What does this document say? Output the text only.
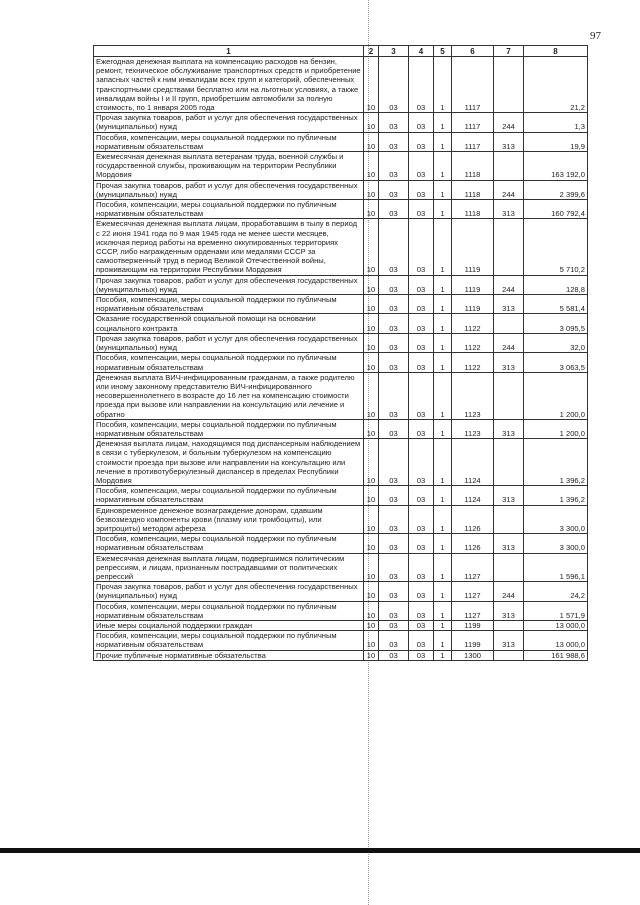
97
1	2	3	4	5	6	7	8
Ежегодная денежная выплата на компенсацию расходов на бензин, ремонт, техническое обслуживание транспортных средств и приобретение запасных частей к ним инвалидам всех групп и категорий, обеспеченных транспортными средствами бесплатно или на льготных условиях, а также инвалидам войны I и II групп, приобретшим автомобили за полную стоимость, по 1 января 2005 года	10	03	03	1	1117		21,2
Прочая закупка товаров, работ и услуг для обеспечения государственных (муниципальных) нужд	10	03	03	1	1117	244	1,3
Пособия, компенсации, меры социальной поддержки по публичным нормативным обязательствам	10	03	03	1	1117	313	19,9
Ежемесячная денежная выплата ветеранам труда, военной службы и государственной службы, проживающим на территории Республики Мордовия	10	03	03	1	1118		163 192,0
Прочая закупка товаров, работ и услуг для обеспечения государственных (муниципальных) нужд	10	03	03	1	1118	244	2 399,6
Пособия, компенсации, меры социальной поддержки по публичным нормативным обязательствам	10	03	03	1	1118	313	160 792,4
Ежемесячная денежная выплата лицам, проработавшим в тылу в период с 22 июня 1941 года по 9 мая 1945 года не менее шести месяцев, исключая период работы на временно оккупированных территориях СССР, либо награжденным орденами или медалями СССР за самоотверженный труд в период Великой Отечественной войны, проживающим на территории Республики Мордовия	10	03	03	1	1119		5 710,2
Прочая закупка товаров, работ и услуг для обеспечения государственных (муниципальных) нужд	10	03	03	1	1119	244	128,8
Пособия, компенсации, меры социальной поддержки по публичным нормативным обязательствам	10	03	03	1	1119	313	5 581,4
Оказание государственной социальной помощи на основании социального контракта	10	03	03	1	1122		3 095,5
Прочая закупка товаров, работ и услуг для обеспечения государственных (муниципальных) нужд	10	03	03	1	1122	244	32,0
Пособия, компенсации, меры социальной поддержки по публичным нормативным обязательствам	10	03	03	1	1122	313	3 063,5
Денежная выплата ВИЧ-инфицированным гражданам, а также родителю или иному законному представителю ВИЧ-инфицированного несовершеннолетнего в возрасте до 16 лет на компенсацию стоимости проезда при вызове или направлении на консультацию или лечение и обратно	10	03	03	1	1123		1 200,0
Пособия, компенсации, меры социальной поддержки по публичным нормативным обязательствам	10	03	03	1	1123	313	1 200,0
Денежная выплата лицам, находящимся под диспансерным наблюдением в связи с туберкулезом, и больным туберкулезом на компенсацию стоимости проезда при вызове или направлении на консультацию или лечение в противотуберкулезный диспансер в пределах Республики Мордовия	10	03	03	1	1124		1 396,2
Пособия, компенсации, меры социальной поддержки по публичным нормативным обязательствам	10	03	03	1	1124	313	1 396,2
Единовременное денежное вознаграждение донорам, сдавшим безвозмездно компоненты крови (плазму или тромбоциты), или эритроциты) методом афереза	10	03	03	1	1126		3 300,0
Пособия, компенсации, меры социальной поддержки по публичным нормативным обязательствам	10	03	03	1	1126	313	3 300,0
Ежемесячная денежная выплата лицам, подвергшимся политическим репрессиям, и лицам, признанным пострадавшими от политических репрессий	10	03	03	1	1127		1 596,1
Прочая закупка товаров, работ и услуг для обеспечения государственных (муниципальных) нужд	10	03	03	1	1127	244	24,2
Пособия, компенсации, меры социальной поддержки по публичным нормативным обязательствам	10	03	03	1	1127	313	1 571,9
Иные меры социальной поддержки граждан	10	03	03	1	1199		13 000,0
Пособия, компенсации, меры социальной поддержки по публичным нормативным обязательствам	10	03	03	1	1199	313	13 000,0
Прочие публичные нормативные обязательства	10	03	03	1	1300		161 988,6
